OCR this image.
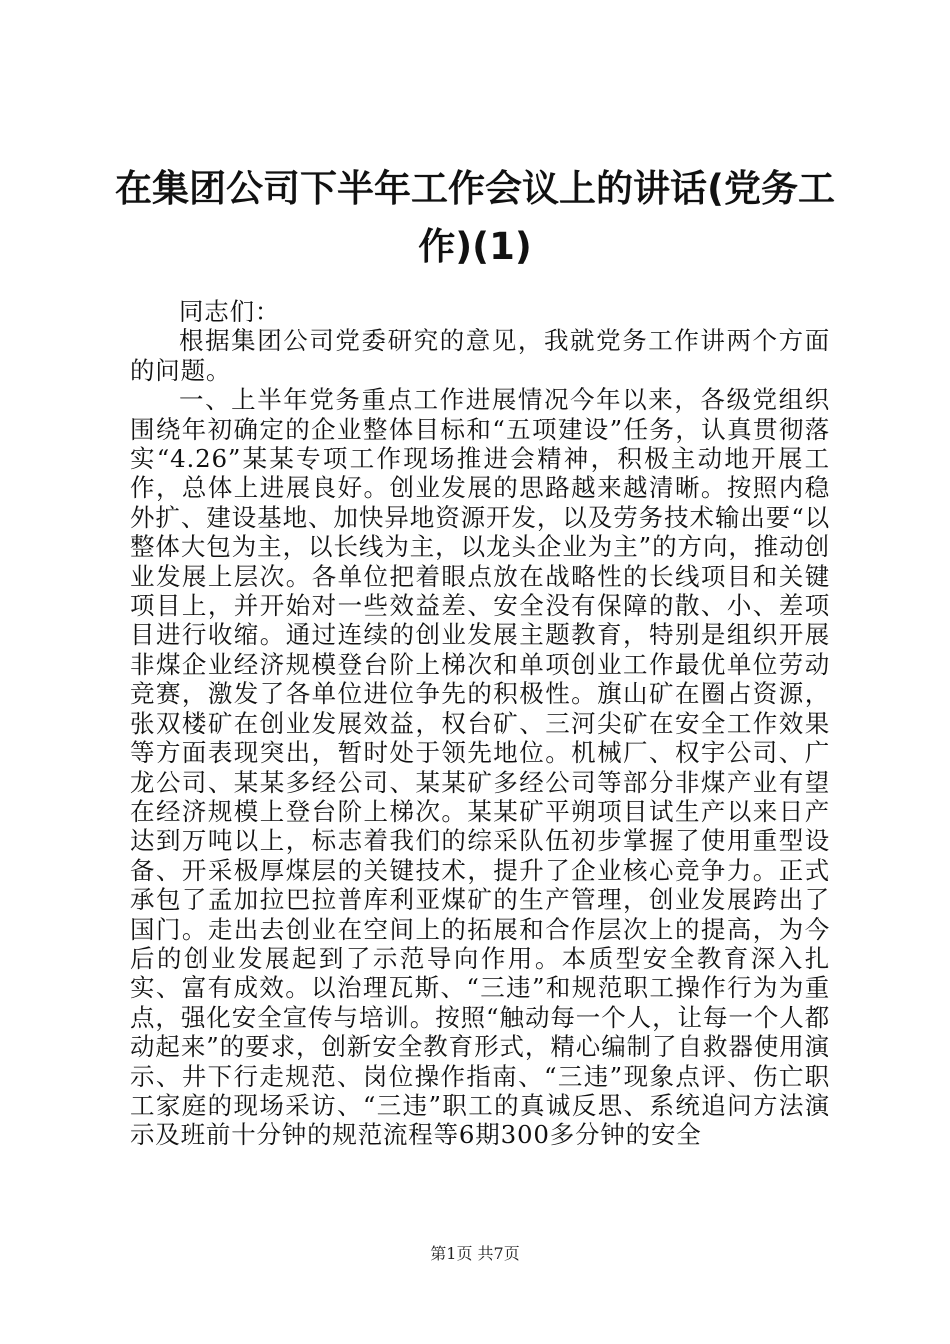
在集团公司下半年工作会议上的讲话(党务工作)(1)

同志们：

根据集团公司党委研究的意见，我就党务工作讲两个方面的问题。

一、上半年党务重点工作进展情况今年以来，各级党组织围绕年初确定的企业整体目标和“五项建设”任务，认真贯彻落实“4.26”某某专项工作现场推进会精神，积极主动地开展工作，总体上进展良好。创业发展的思路越来越清晰。按照内稳外扩、建设基地、加快异地资源开发，以及劳务技术输出要“以整体大包为主，以长线为主，以龙头企业为主”的方向，推动创业发展上层次。各单位把着眼点放在战略性的长线项目和关键项目上，并开始对一些效益差、安全没有保障的散、小、差项目进行收缩。通过连续的创业发展主题教育，特别是组织开展非煤企业经济规模登台阶上梯次和单项创业工作最优单位劳动竞赛，激发了各单位进位争先的积极性。旗山矿在圈占资源，张双楼矿在创业发展效益，权台矿、三河尖矿在安全工作效果等方面表现突出，暂时处于领先地位。机械厂、权宇公司、广龙公司、某某多经公司、某某矿多经公司等部分非煤产业有望在经济规模上登台阶上梯次。某某矿平朔项目试生产以来日产达到万吨以上，标志着我们的综采队伍初步掌握了使用重型设备、开采极厚煤层的关键技术，提升了企业核心竞争力。正式承包了孟加拉巴拉普库利亚煤矿的生产管理，创业发展跨出了国门。走出去创业在空间上的拓展和合作层次上的提高，为今后的创业发展起到了示范导向作用。本质型安全教育深入扎实、富有成效。以治理瓦斯、“三违”和规范职工操作行为为重点，强化安全宣传与培训。按照“触动每一个人，让每一个人都动起来”的要求，创新安全教育形式，精心编制了自救器使用演示、井下行走规范、岗位操作指南、“三违”现象点评、伤亡职工家庭的现场采访、“三违”职工的真诚反思、系统追问方法演示及班前十分钟的规范流程等6期300多分钟的安全

第1页 共7页
